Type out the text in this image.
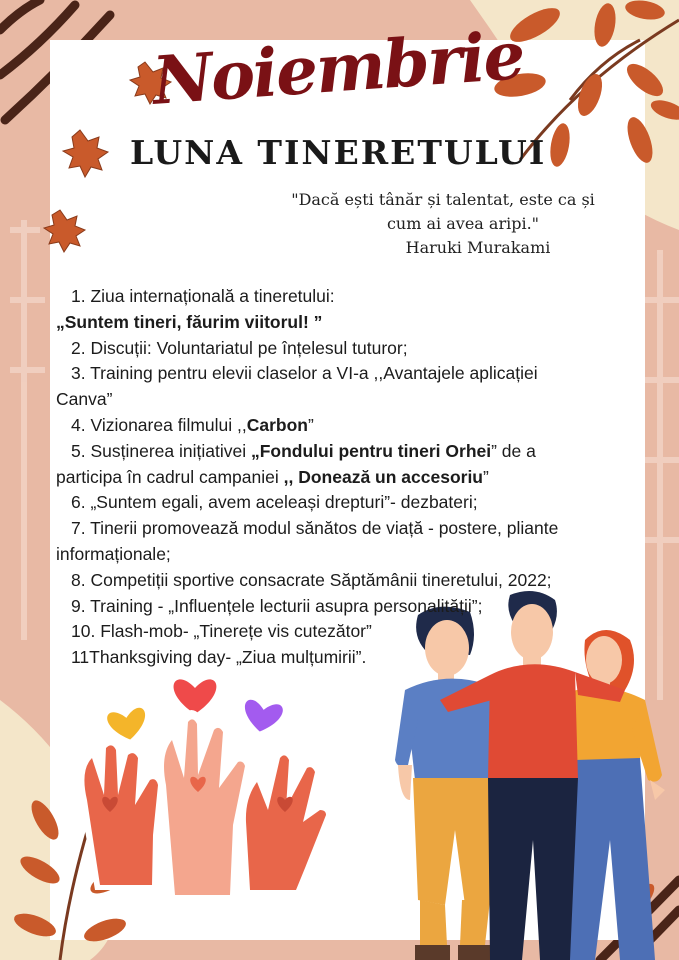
Noiembrie
LUNA TINERETULUI
"Dacă ești tânăr și talentat, este ca și
cum ai avea aripi."
Haruki Murakami
1. Ziua internațională a tineretului:
„Suntem tineri, făurim viitorul! ”
2. Discuții: Voluntariatul pe înțelesul tuturor;
3. Training pentru elevii claselor a VI-a ,,Avantajele aplicației
Canva”
4. Vizionarea filmului ,,Carbon”
5. Susținerea inițiativei „Fondului pentru tineri Orhei” de a
participa în cadrul campaniei ,, Donează un accesoriu”
6. „Suntem egali, avem aceleași drepturi”- dezbateri;
7. Tinerii promovează modul sănătos de viață - postere, pliante
informaționale;
8. Competiții sportive consacrate Săptămânii tineretului, 2022;
9. Training - „Influențele lecturii asupra personalității”;
10. Flash-mob- „Tinerețe vis cutezător”
11Thanksgiving day- „Ziua mulțumirii”.
